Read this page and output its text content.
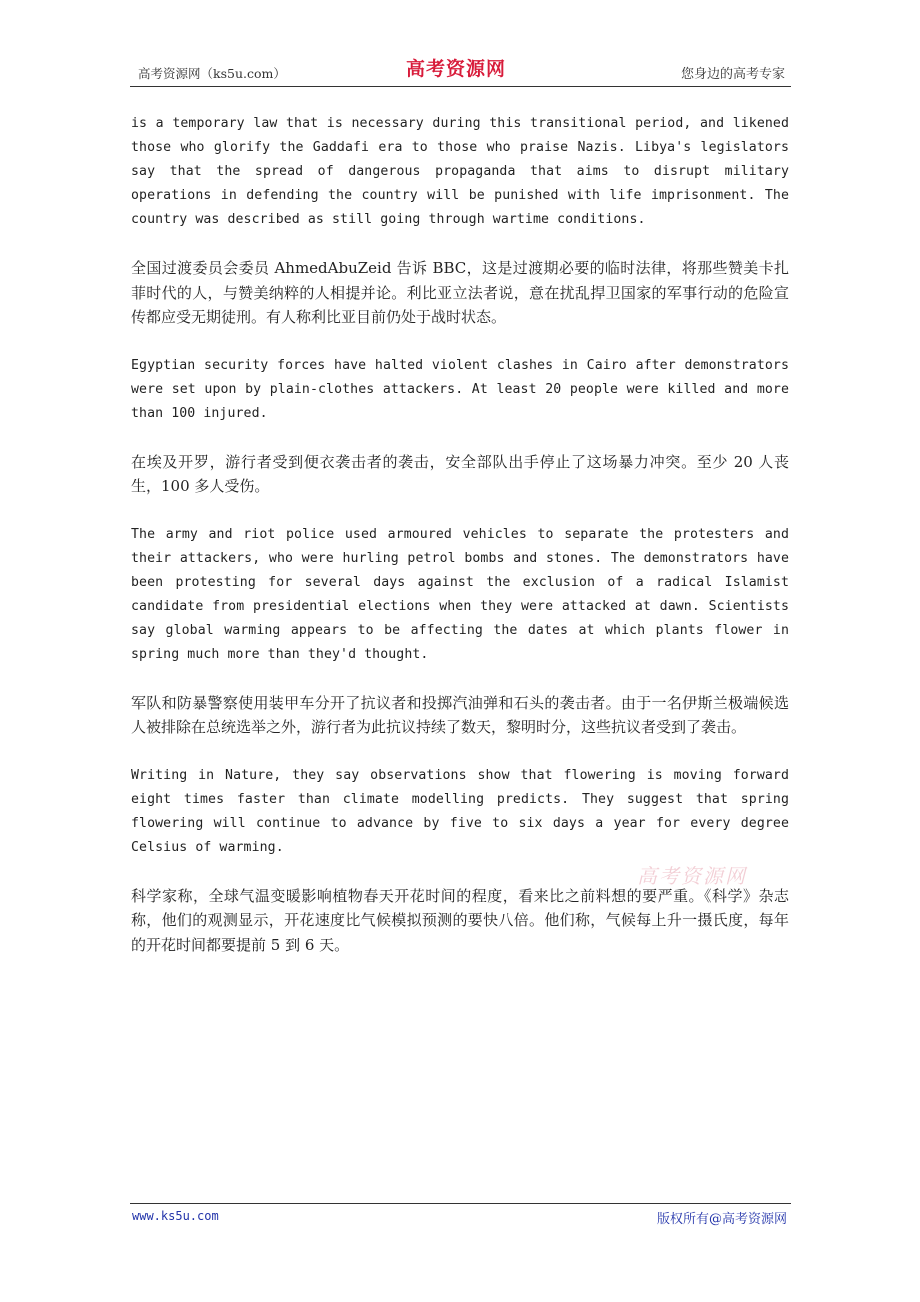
高考资源网（ks5u.com）	高考资源网	您身边的高考专家

is a temporary law that is necessary during this transitional period, and likened those who glorify the Gaddafi era to those who praise Nazis. Libya's legislators say that the spread of dangerous propaganda that aims to disrupt military operations in defending the country will be punished with life imprisonment. The country was described as still going through wartime conditions.

全国过渡委员会委员 AhmedAbuZeid 告诉 BBC，这是过渡期必要的临时法律，将那些赞美卡扎菲时代的人，与赞美纳粹的人相提并论。利比亚立法者说，意在扰乱捍卫国家的军事行动的危险宣传都应受无期徒刑。有人称利比亚目前仍处于战时状态。

Egyptian security forces have halted violent clashes in Cairo after demonstrators were set upon by plain-clothes attackers. At least 20 people were killed and more than 100 injured.

在埃及开罗，游行者受到便衣袭击者的袭击，安全部队出手停止了这场暴力冲突。至少 20 人丧生，100 多人受伤。

The army and riot police used armoured vehicles to separate the protesters and their attackers, who were hurling petrol bombs and stones. The demonstrators have been protesting for several days against the exclusion of a radical Islamist candidate from presidential elections when they were attacked at dawn. Scientists say global warming appears to be affecting the dates at which plants flower in spring much more than they'd thought.

军队和防暴警察使用装甲车分开了抗议者和投掷汽油弹和石头的袭击者。由于一名伊斯兰极端候选人被排除在总统选举之外，游行者为此抗议持续了数天，黎明时分，这些抗议者受到了袭击。

Writing in Nature, they say observations show that flowering is moving forward eight times faster than climate modelling predicts. They suggest that spring flowering will continue to advance by five to six days a year for every degree Celsius of warming.

科学家称，全球气温变暖影响植物春天开花时间的程度，看来比之前料想的要严重。《科学》杂志称，他们的观测显示，开花速度比气候模拟预测的要快八倍。他们称，气候每上升一摄氏度，每年的开花时间都要提前 5 到 6 天。

高考资源网
www.ks5u.com	版权所有@高考资源网
